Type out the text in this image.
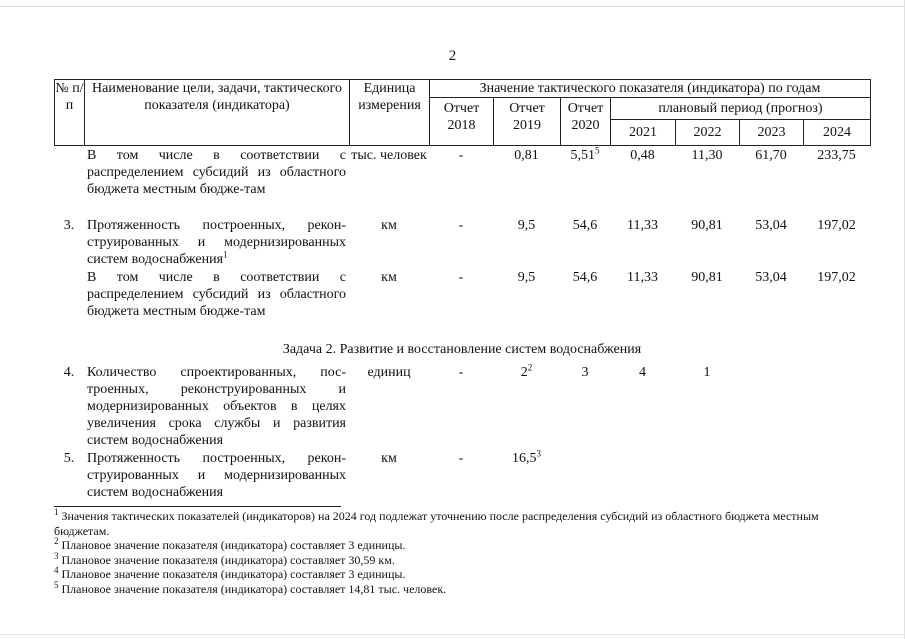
2
№ п/п	Наименование цели, задачи, тактического показателя (индикатора)	Единица измерения	Значение тактического показателя (индикатора) по годам						
			Отчет 2018	Отчет 2019	Отчет 2020	плановый период (прогноз)			
						2021	2022	2023	2024
	В том числе в соответствии с распределением субсидий из областного бюджета местным бюдже-там	тыс. человек	-	0,81	5,51$^5$	0,48	11,30	61,70	233,75
3.	Протяженность построенных, рекон-струированных и модернизированных систем водоснабжения$^1$	км	-	9,5	54,6	11,33	90,81	53,04	197,02
	В том числе в соответствии с распределением субсидий из областного бюджета местным бюдже-там	км	-	9,5	54,6	11,33	90,81	53,04	197,02
Задача 2. Развитие и восстановление систем водоснабжения									
4.	Количество спроектированных, пос-троенных, реконструированных и модернизированных объектов в целях увеличения срока службы и развития систем водоснабжения	единиц	-	$2^2$	3	4	1		
5.	Протяженность построенных, рекон-струированных и модернизированных систем водоснабжения	км	-	16,5$^3$					

$^1$ Значения тактических показателей (индикаторов) на 2024 год подлежат уточнению после распределения субсидий из областного бюджета местным бюджетам.

$^2$ Плановое значение показателя (индикатора) составляет 3 единицы.

$^3$ Плановое значение показателя (индикатора) составляет 30,59 км.

$^4$ Плановое значение показателя (индикатора) составляет 3 единицы.

$^5$ Плановое значение показателя (индикатора) составляет 14,81 тыс. человек.
